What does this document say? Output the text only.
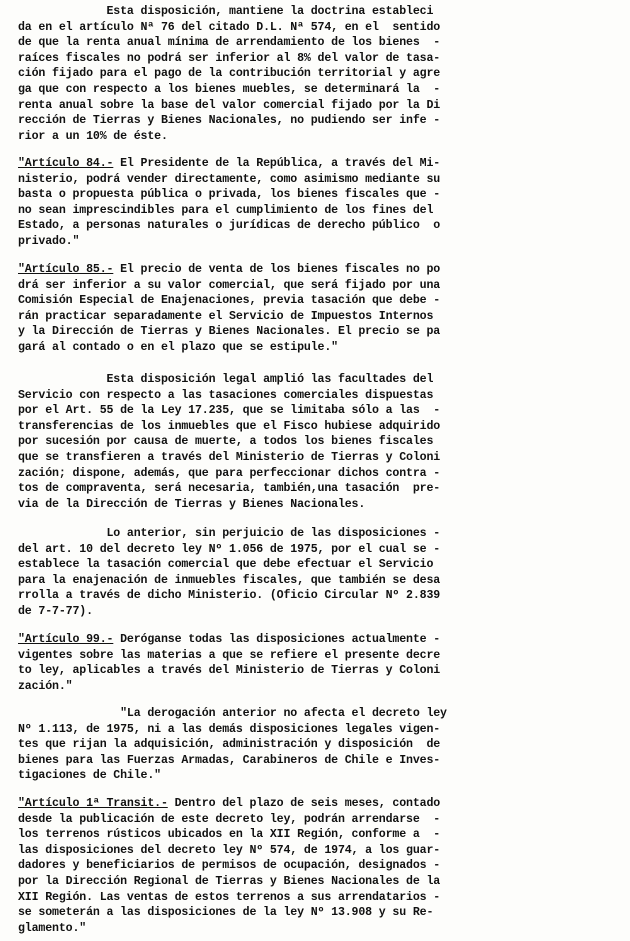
Esta disposición, mantiene la doctrina estableci
da en el artículo Nª 76 del citado D.L. Nª 574, en el  sentido
de que la renta anual mínima de arrendamiento de los bienes  -
raíces fiscales no podrá ser inferior al 8% del valor de tasa-
ción fijado para el pago de la contribución territorial y agre
ga que con respecto a los bienes muebles, se determinará la  -
renta anual sobre la base del valor comercial fijado por la Di
rección de Tierras y Bienes Nacionales, no pudiendo ser infe -
rior a un 10% de éste.
"Artículo 84.- El Presidente de la República, a través del Mi-
nisterio, podrá vender directamente, como asimismo mediante su
basta o propuesta pública o privada, los bienes fiscales que -
no sean imprescindibles para el cumplimiento de los fines del
Estado, a personas naturales o jurídicas de derecho público  o
privado."
"Artículo 85.- El precio de venta de los bienes fiscales no po
drá ser inferior a su valor comercial, que será fijado por una
Comisión Especial de Enajenaciones, previa tasación que debe -
rán practicar separadamente el Servicio de Impuestos Internos
y la Dirección de Tierras y Bienes Nacionales. El precio se pa
gará al contado o en el plazo que se estipule."
Esta disposición legal amplió las facultades del
Servicio con respecto a las tasaciones comerciales dispuestas
por el Art. 55 de la Ley 17.235, que se limitaba sólo a las  -
transferencias de los inmuebles que el Fisco hubiese adquirido
por sucesión por causa de muerte, a todos los bienes fiscales
que se transfieren a través del Ministerio de Tierras y Coloni
zación; dispone, además, que para perfeccionar dichos contra -
tos de compraventa, será necesaria, también,una tasación  pre-
via de la Dirección de Tierras y Bienes Nacionales.
Lo anterior, sin perjuicio de las disposiciones -
del art. 10 del decreto ley Nº 1.056 de 1975, por el cual se -
establece la tasación comercial que debe efectuar el Servicio
para la enajenación de inmuebles fiscales, que también se desa
rrolla a través de dicho Ministerio. (Oficio Circular Nº 2.839
de 7-7-77).
"Artículo 99.- Deróganse todas las disposiciones actualmente -
vigentes sobre las materias a que se refiere el presente decre
to ley, aplicables a través del Ministerio de Tierras y Coloni
zación."
"La derogación anterior no afecta el decreto ley
Nº 1.113, de 1975, ni a las demás disposiciones legales vigen-
tes que rijan la adquisición, administración y disposición  de
bienes para las Fuerzas Armadas, Carabineros de Chile e Inves-
tigaciones de Chile."
"Artículo 1ª Transit.- Dentro del plazo de seis meses, contado
desde la publicación de este decreto ley, podrán arrendarse  -
los terrenos rústicos ubicados en la XII Región, conforme a  -
las disposiciones del decreto ley Nº 574, de 1974, a los guar-
dadores y beneficiarios de permisos de ocupación, designados -
por la Dirección Regional de Tierras y Bienes Nacionales de la
XII Región. Las ventas de estos terrenos a sus arrendatarios -
se someterán a las disposiciones de la ley Nº 13.908 y su Re-
glamento."
